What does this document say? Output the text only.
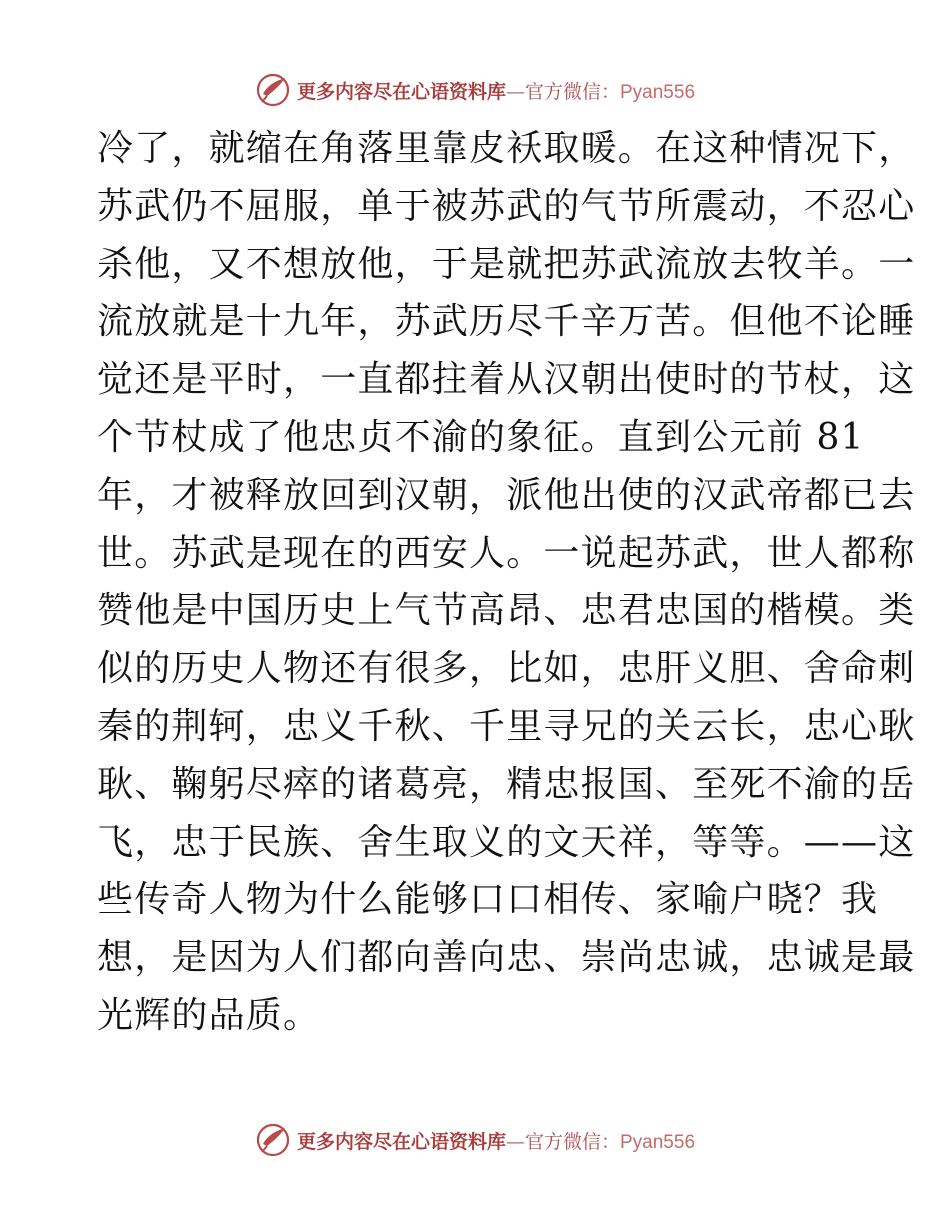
更多内容尽在心语资料库—官方微信：Pyan556
冷了，就缩在角落里靠皮袄取暖。在这种情况下，
苏武仍不屈服，单于被苏武的气节所震动，不忍心
杀他，又不想放他，于是就把苏武流放去牧羊。一
流放就是十九年，苏武历尽千辛万苦。但他不论睡
觉还是平时，一直都拄着从汉朝出使时的节杖，这
个节杖成了他忠贞不渝的象征。直到公元前 81
年，才被释放回到汉朝，派他出使的汉武帝都已去
世。苏武是现在的西安人。一说起苏武，世人都称
赞他是中国历史上气节高昂、忠君忠国的楷模。类
似的历史人物还有很多，比如，忠肝义胆、舍命刺
秦的荆轲，忠义千秋、千里寻兄的关云长，忠心耿
耿、鞠躬尽瘁的诸葛亮，精忠报国、至死不渝的岳
飞，忠于民族、舍生取义的文天祥，等等。——这
些传奇人物为什么能够口口相传、家喻户晓？我
想，是因为人们都向善向忠、崇尚忠诚，忠诚是最
光辉的品质。
更多内容尽在心语资料库—官方微信：Pyan556
